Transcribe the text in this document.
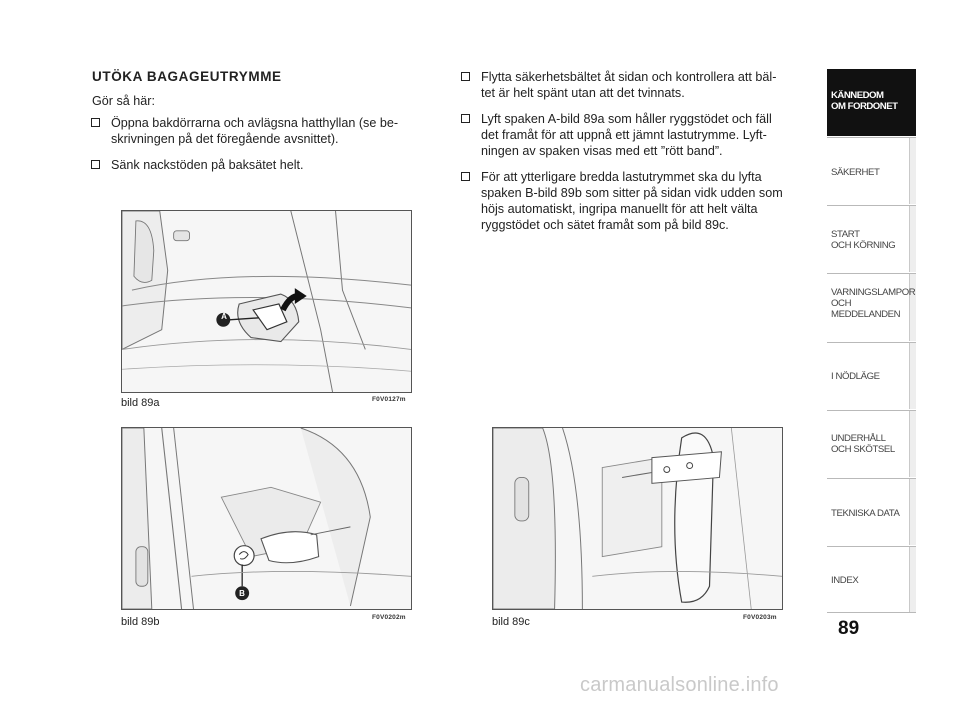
UTÖKA BAGAGEUTRYMME
Gör så här:
Öppna bakdörrarna och avlägsna hatthyllan (se be-
skrivningen på det föregående avsnittet).
Sänk nackstöden på baksätet helt.
Flytta säkerhetsbältet åt sidan och kontrollera att bäl-
tet är helt spänt utan att det tvinnats.
Lyft spaken A-bild 89a som håller ryggstödet och fäll
det framåt för att uppnå ett jämnt lastutrymme. Lyft-
ningen av spaken visas med ett ”rött band”.
För att ytterligare bredda lastutrymmet ska du lyfta
spaken B-bild 89b som sitter på sidan vidk udden som
höjs automatiskt, ingripa manuellt för att helt välta
ryggstödet och sätet framåt som på bild 89c.
A
bild 89a	F0V0127m
B
bild 89b	F0V0202m	bild 89c	F0V0203m
KÄNNEDOM
OM FORDONET
SÄKERHET
START
OCH KÖRNING
VARNINGSLAMPOR
OCH
MEDDELANDEN
I NÖDLÄGE
UNDERHÅLL
OCH SKÖTSEL
TEKNISKA DATA
INDEX
89
carmanualsonline.info
